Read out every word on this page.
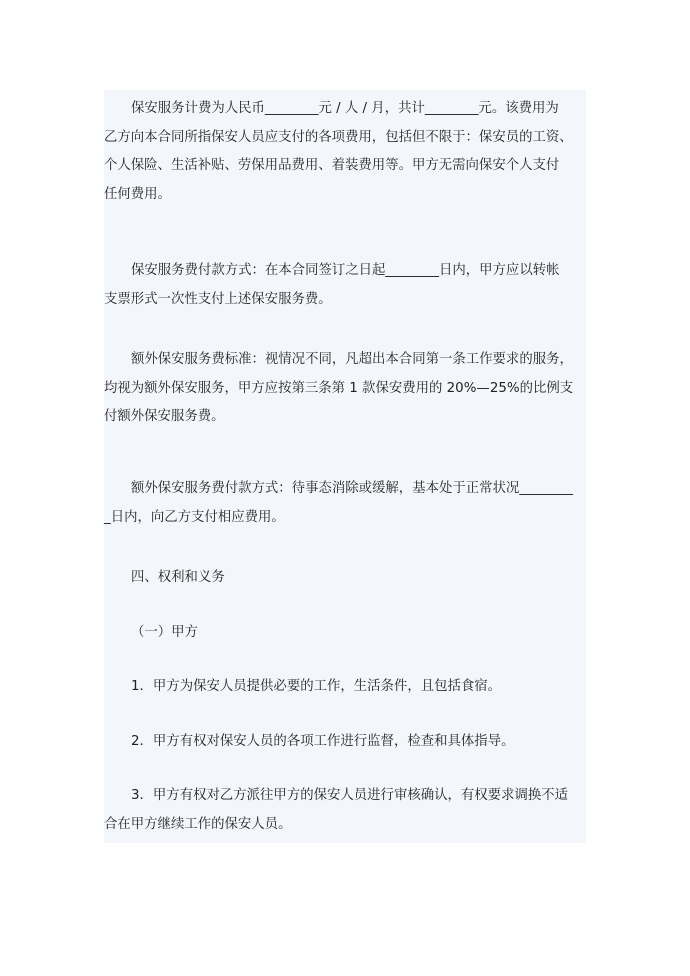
保安服务计费为人民币________元 / 人 / 月，共计________元。该费用为
乙方向本合同所指保安人员应支付的各项费用，包括但不限于：保安员的工资、
个人保险、生活补贴、劳保用品费用、着装费用等。甲方无需向保安个人支付
任何费用。
保安服务费付款方式：在本合同签订之日起________日内，甲方应以转帐
支票形式一次性支付上述保安服务费。
额外保安服务费标准：视情况不同，凡超出本合同第一条工作要求的服务，
均视为额外保安服务，甲方应按第三条第 1 款保安费用的 20%—25%的比例支
付额外保安服务费。
额外保安服务费付款方式：待事态消除或缓解，基本处于正常状况________
_日内，向乙方支付相应费用。
四、权利和义务
（一）甲方
1．甲方为保安人员提供必要的工作，生活条件，且包括食宿。
2．甲方有权对保安人员的各项工作进行监督，检查和具体指导。
3．甲方有权对乙方派往甲方的保安人员进行审核确认，有权要求调换不适
合在甲方继续工作的保安人员。
